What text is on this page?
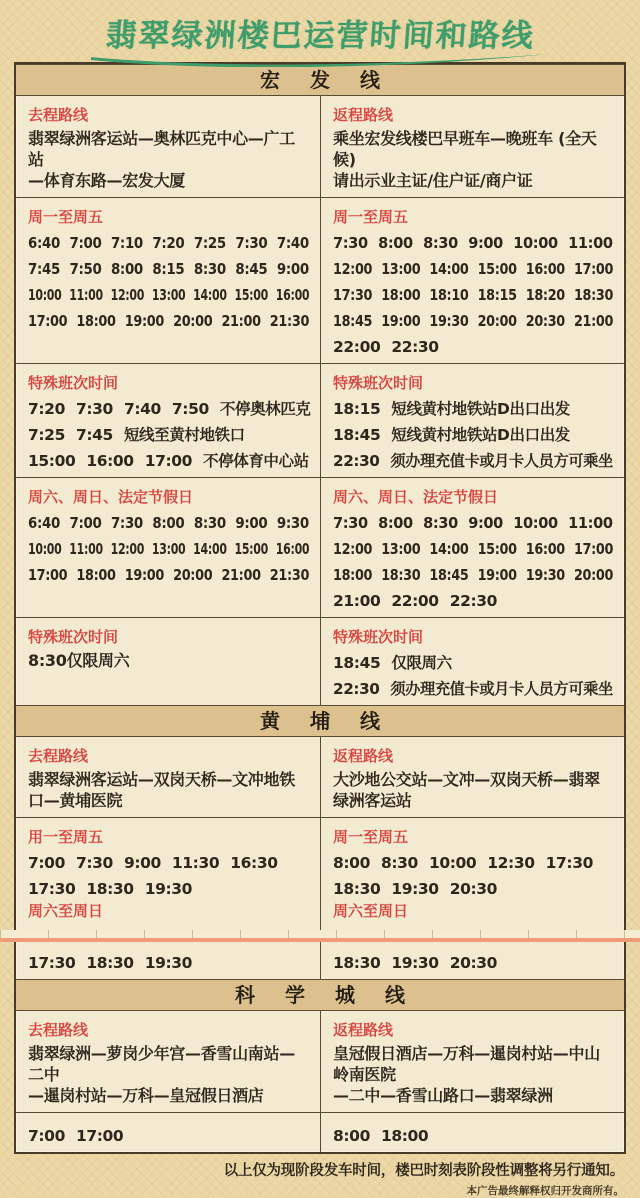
翡翠绿洲楼巴运营时间和路线
宏发线
去程路线
翡翠绿洲客运站—奥林匹克中心—广工站
—体育东路—宏发大厦
返程路线
乘坐宏发线楼巴早班车—晚班车 (全天候)
请出示业主证/住户证/商户证
周一至周五
6:40 7:00 7:10 7:20 7:25 7:30 7:40
7:45 7:50 8:00 8:15 8:30 8:45 9:00
10:00 11:00 12:00 13:00 14:00 15:00 16:00
17:00 18:00 19:00 20:00 21:00 21:30
周一至周五
7:30 8:00 8:30 9:00 10:00 11:00
12:00 13:00 14:00 15:00 16:00 17:00
17:30 18:00 18:10 18:15 18:20 18:30
18:45 19:00 19:30 20:00 20:30 21:00
22:00 22:30
特殊班次时间
7:20 7:30 7:40 7:50 不停奥林匹克
7:25 7:45 短线至黄村地铁口
15:00 16:00 17:00 不停体育中心站
特殊班次时间
18:15 短线黄村地铁站D出口出发
18:45 短线黄村地铁站D出口出发
22:30 须办理充值卡或月卡人员方可乘坐
周六、周日、法定节假日
6:40 7:00 7:30 8:00 8:30 9:00 9:30
10:00 11:00 12:00 13:00 14:00 15:00 16:00
17:00 18:00 19:00 20:00 21:00 21:30
周六、周日、法定节假日
7:30 8:00 8:30 9:00 10:00 11:00
12:00 13:00 14:00 15:00 16:00 17:00
18:00 18:30 18:45 19:00 19:30 20:00
21:00 22:00 22:30
特殊班次时间
8:30仅限周六
特殊班次时间
18:45 仅限周六
22:30 须办理充值卡或月卡人员方可乘坐
黄埔线
去程路线
翡翠绿洲客运站—双岗天桥—文冲地铁口—黄埔医院
返程路线
大沙地公交站—文冲—双岗天桥—翡翠绿洲客运站
用一至周五
7:00 7:30 9:00 11:30 16:30
17:30 18:30 19:30
周六至周日
17:30 18:30 19:30
周一至周五
8:00 8:30 10:00 12:30 17:30
18:30 19:30 20:30
周六至周日
18:30 19:30 20:30
科学城线
去程路线
翡翠绿洲—萝岗少年宫—香雪山南站—二中
—暹岗村站—万科—皇冠假日酒店
返程路线
皇冠假日酒店—万科—暹岗村站—中山岭南医院
—二中—香雪山路口—翡翠绿洲
7:00 17:00	8:00 18:00
以上仅为现阶段发车时间，楼巴时刻表阶段性调整将另行通知。
本广告最终解释权归开发商所有。
